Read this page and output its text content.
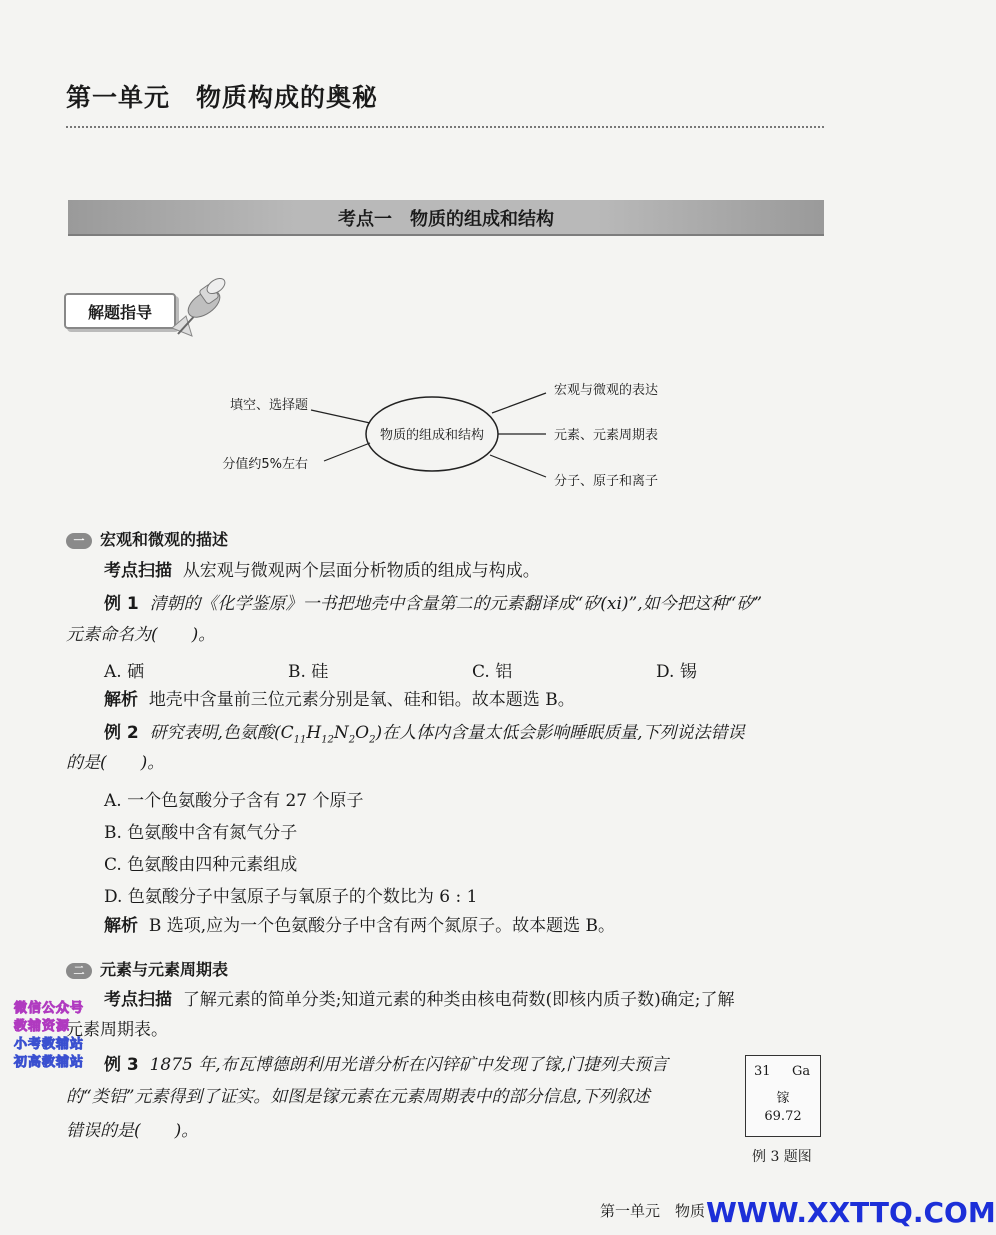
第一单元　物质构成的奥秘
考点一　物质的组成和结构
解题指导
物质的组成和结构
填空、选择题
分值约5%左右
宏观与微观的表达
元素、元素周期表
分子、原子和离子
一 宏观和微观的描述
考点扫描 从宏观与微观两个层面分析物质的组成与构成。
例 1 清朝的《化学鉴原》一书把地壳中含量第二的元素翻译成“矽(xi)”,如今把这种“矽”
元素命名为(　　)。
A. 硒	B. 硅	C. 铝	D. 锡
解析 地壳中含量前三位元素分别是氧、硅和铝。故本题选 B。
例 2 研究表明,色氨酸$(C_{11}H_{12}N_2O_2)$在人体内含量太低会影响睡眠质量,下列说法错误
的是(　　)。
A. 一个色氨酸分子含有 27 个原子
B. 色氨酸中含有氮气分子
C. 色氨酸由四种元素组成
D. 色氨酸分子中氢原子与氧原子的个数比为 6 : 1
解析 B 选项,应为一个色氨酸分子中含有两个氮原子。故本题选 B。
二 元素与元素周期表
考点扫描 了解元素的简单分类;知道元素的种类由核电荷数(即核内质子数)确定;了解
元素周期表。
例 3 1875 年,布瓦博德朗利用光谱分析在闪锌矿中发现了镓,门捷列夫预言
的“类铝”元素得到了证实。如图是镓元素在元素周期表中的部分信息,下列叙述
错误的是(　　)。
31 Ga
镓
69.72
例 3 题图
微信公众号
教辅资源
小考教辅站
初高教辅站
第一单元　物质 WWW.XXTTQ.COM
